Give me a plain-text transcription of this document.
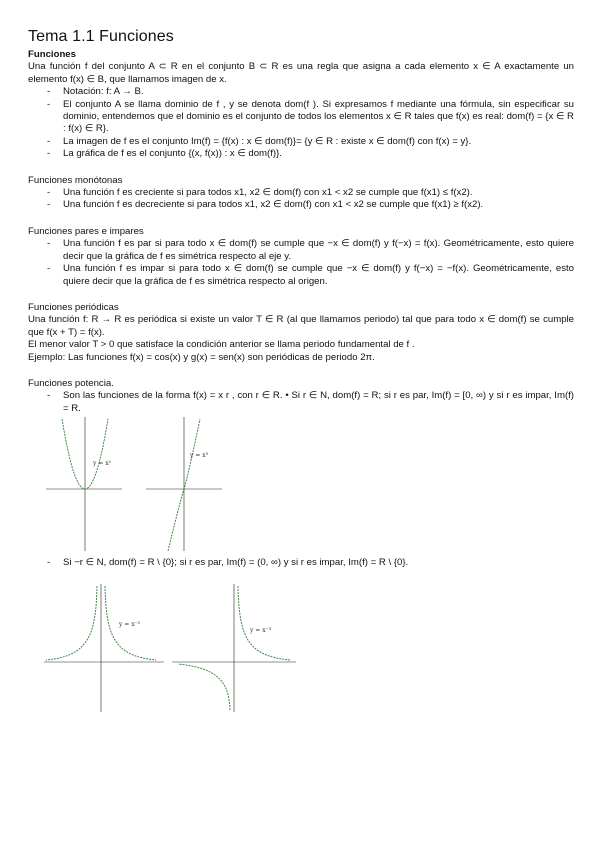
Tema 1.1 Funciones
Funciones

Una función f del conjunto A ⊂ R en el conjunto B ⊂ R es una regla que asigna a cada elemento x ∈ A exactamente un elemento f(x) ∈ B, que llamamos imagen de x.

- Notación: f: A → B.
- El conjunto A se llama dominio de f , y se denota dom(f ). Si expresamos f mediante una fórmula, sin especificar su dominio, entendemos que el dominio es el conjunto de todos los elementos x ∈ R tales que f(x) es real: dom(f) = {x ∈ R : f(x) ∈ R}.
- La imagen de f es el conjunto Im(f) = {f(x) : x ∈ dom(f)}= {y ∈ R : existe x ∈ dom(f) con f(x) = y}.
- La gráfica de f es el conjunto {(x, f(x)) : x ∈ dom(f)}.
Funciones monótonas
- Una función f es creciente si para todos x1, x2 ∈ dom(f) con x1 < x2 se cumple que f(x1) ≤ f(x2).
- Una función f es decreciente si para todos x1, x2 ∈ dom(f) con x1 < x2 se cumple que f(x1) ≥ f(x2).
Funciones pares e impares
- Una función f es par si para todo x ∈ dom(f) se cumple que −x ∈ dom(f) y f(−x) = f(x). Geométricamente, esto quiere decir que la gráfica de f es simétrica respecto al eje y.
- Una función f es impar si para todo x ∈ dom(f) se cumple que −x ∈ dom(f) y f(−x) = −f(x). Geométricamente, esto quiere decir que la gráfica de f es simétrica respecto al origen.
Funciones periódicas

Una función f: R → R es periódica si existe un valor T ∈ R (al que llamamos periodo) tal que para todo x ∈ dom(f) se cumple que f(x + T) = f(x).

El menor valor T > 0 que satisface la condición anterior se llama periodo fundamental de f .

Ejemplo: Las funciones f(x) = cos(x) y g(x) = sen(x) son periódicas de periodo 2π.

Funciones potencia.
- Son las funciones de la forma f(x) = x r , con r ∈ R. • Si r ∈ N, dom(f) = R; si r es par, Im(f) = [0, ∞) y si r es impar, Im(f) = R.
y = x²
y = x³
- Si −r ∈ N, dom(f) = R \ {0}; si r es par, Im(f) = (0, ∞) y si r es impar, Im(f) = R \ {0}.
y = x⁻²
y = x⁻³
